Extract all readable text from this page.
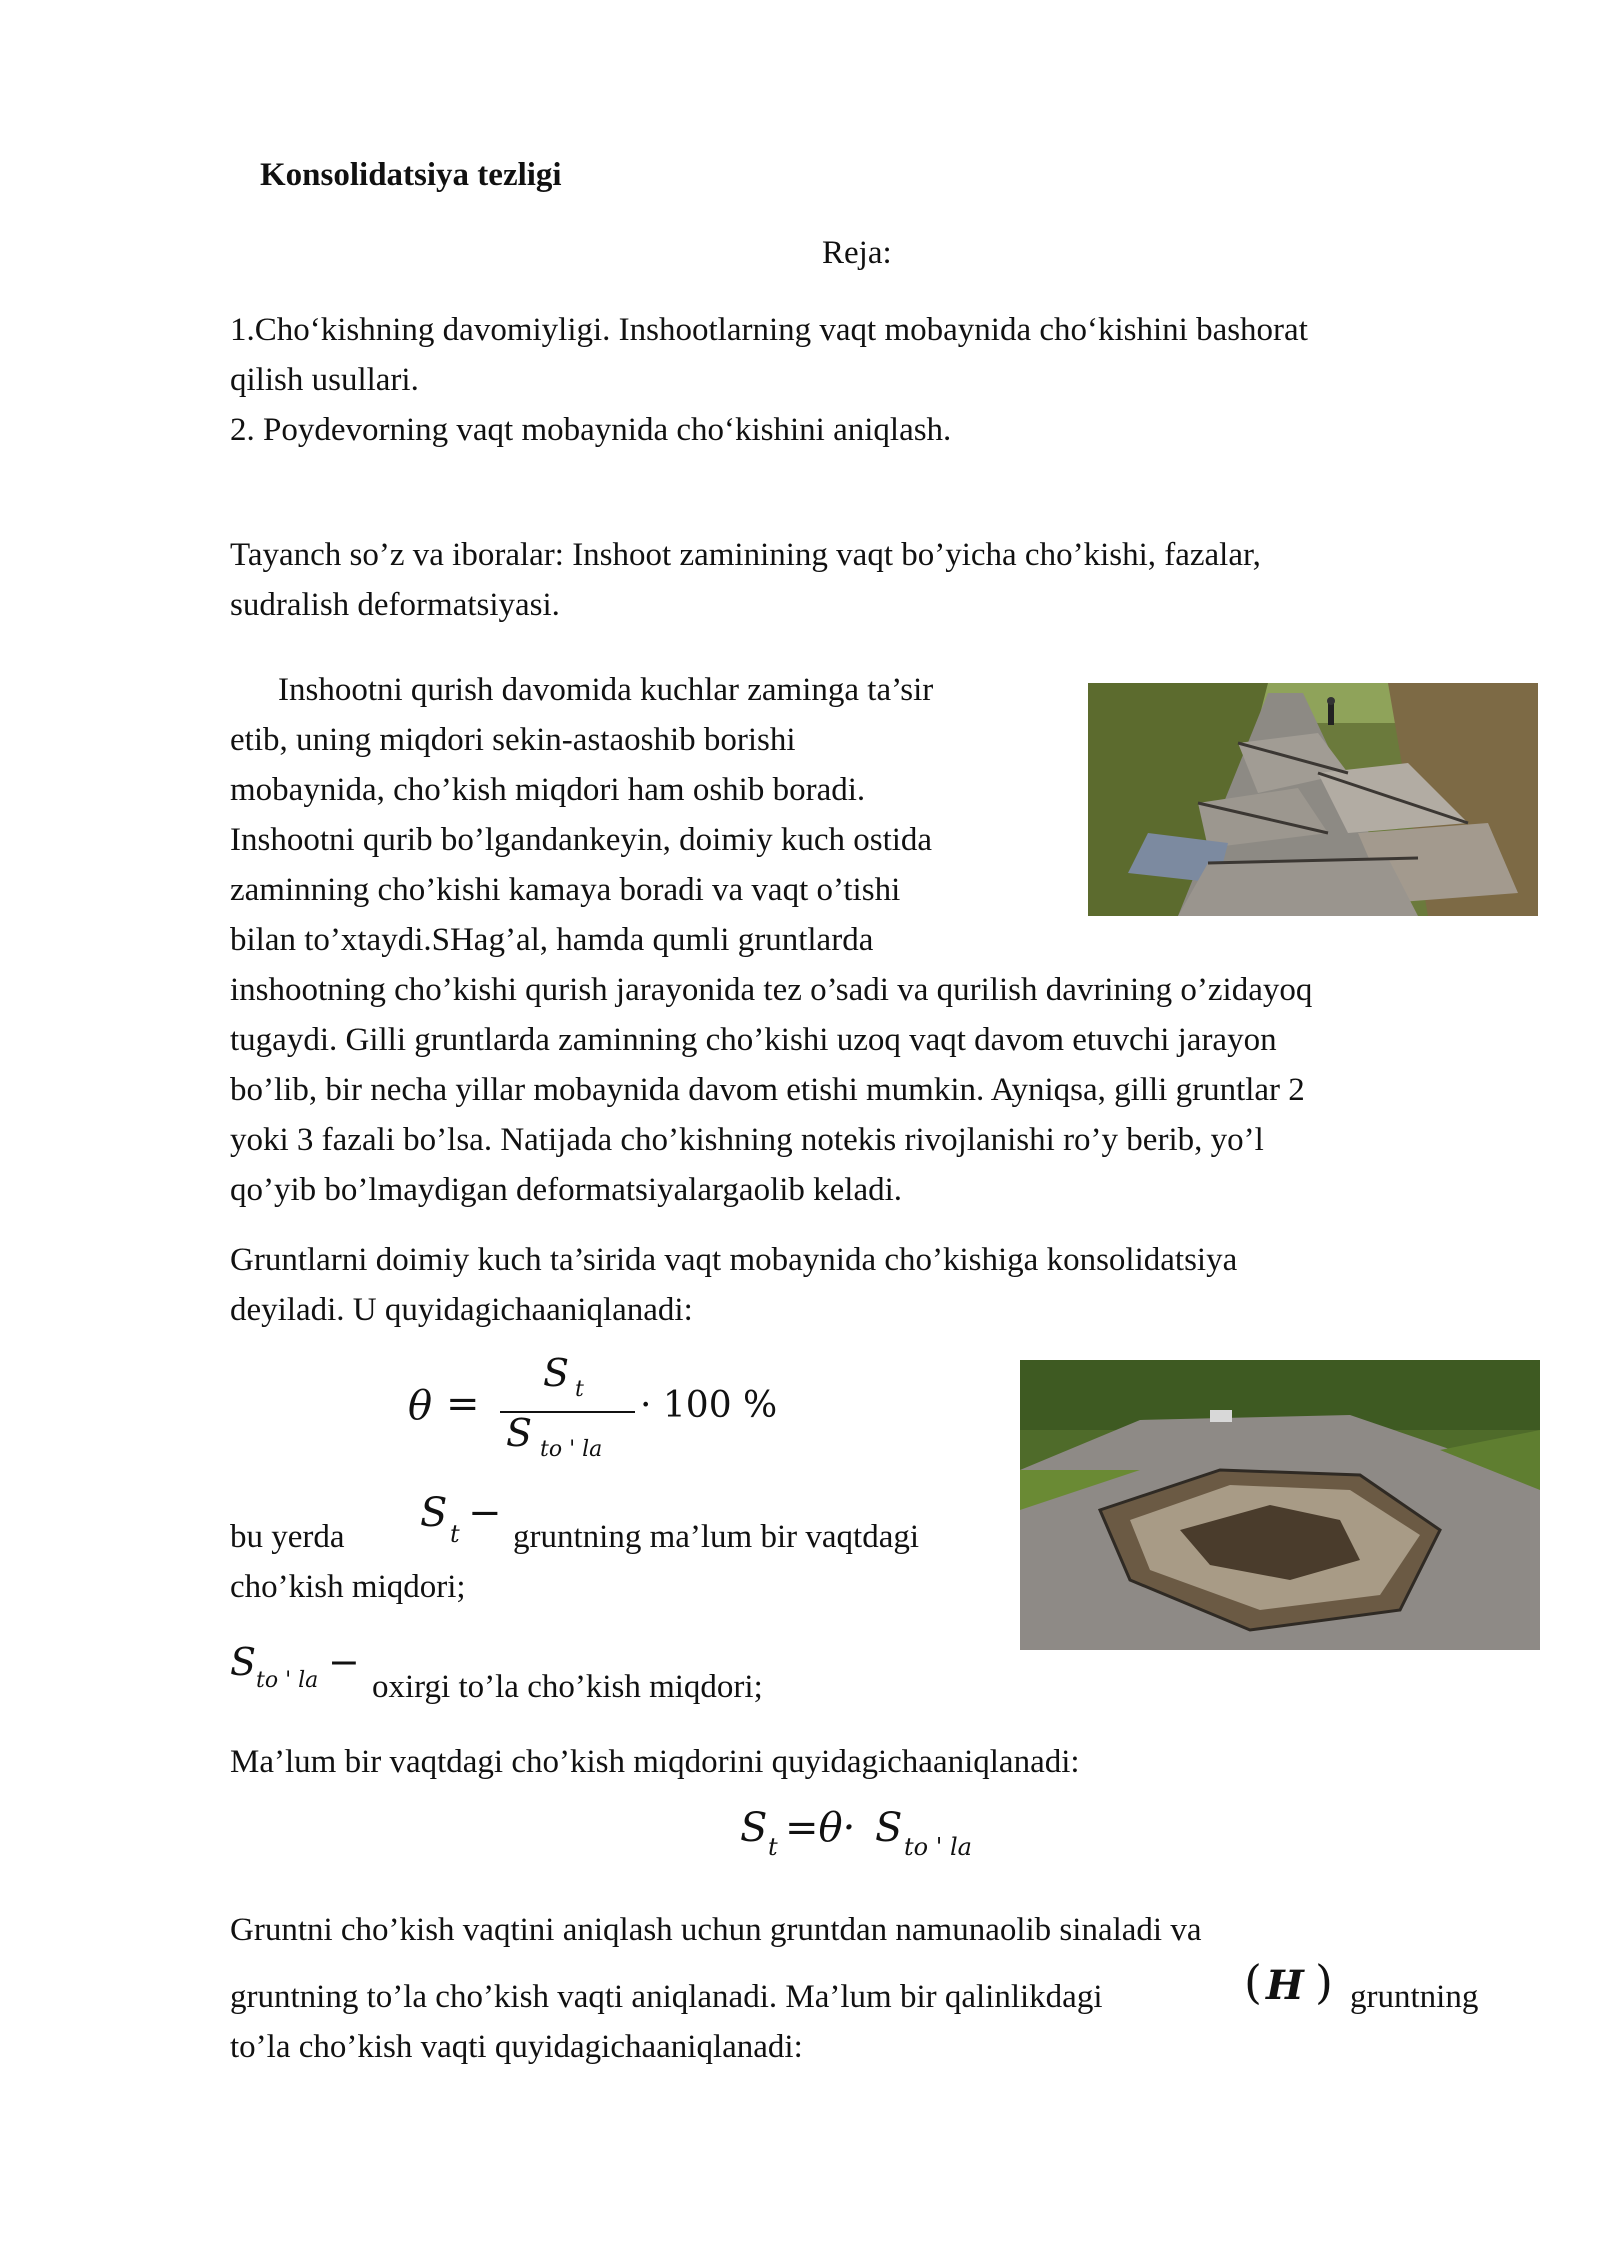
Konsolidatsiya tezligi
Reja:
1.Cho‘kishning davomiyligi. Inshootlarning vaqt mobaynida cho‘kishini bashorat
qilish usullari.
2. Poydevorning vaqt mobaynida cho‘kishini aniqlash.
Tayanch so’z va iboralar: Inshoot zaminining vaqt bo’yicha cho’kishi, fazalar,
sudralish deformatsiyasi.
Inshootni qurish davomida kuchlar zaminga ta’sir
etib, uning miqdori sekin-astaoshib borishi
mobaynida, cho’kish miqdori ham oshib boradi.
Inshootni qurib bo’lgandankeyin, doimiy kuch ostida
zaminning cho’kishi kamaya boradi va vaqt o’tishi
bilan to’xtaydi.SHag’al, hamda qumli gruntlarda
inshootning cho’kishi qurish jarayonida tez o’sadi va qurilish davrining o’zidayoq
tugaydi. Gilli gruntlarda zaminning cho’kishi uzoq vaqt davom etuvchi jarayon
bo’lib, bir necha yillar mobaynida davom etishi mumkin. Ayniqsa, gilli gruntlar 2
yoki 3 fazali bo’lsa. Natijada cho’kishning notekis rivojlanishi ro’y berib, yo’l
qo’yib bo’lmaydigan deformatsiyalargaolib keladi.
Gruntlarni doimiy kuch ta’sirida vaqt mobaynida cho’kishiga konsolidatsiya
deyiladi. U quyidagichaaniqlanadi:
θ =
S t
S to ' la
· 100 %
bu yerda
S t −
gruntning ma’lum bir vaqtdagi
cho’kish miqdori;
S to ' la −
oxirgi to’la cho’kish miqdori;
Ma’lum bir vaqtdagi cho’kish miqdorini quyidagichaaniqlanadi:
S t =θ· S to ' la
Gruntni cho’kish vaqtini aniqlash uchun gruntdan namunaolib sinaladi va
gruntning to’la cho’kish vaqti aniqlanadi. Ma’lum bir qalinlikdagi	( H ) gruntning
to’la cho’kish vaqti quyidagichaaniqlanadi:
